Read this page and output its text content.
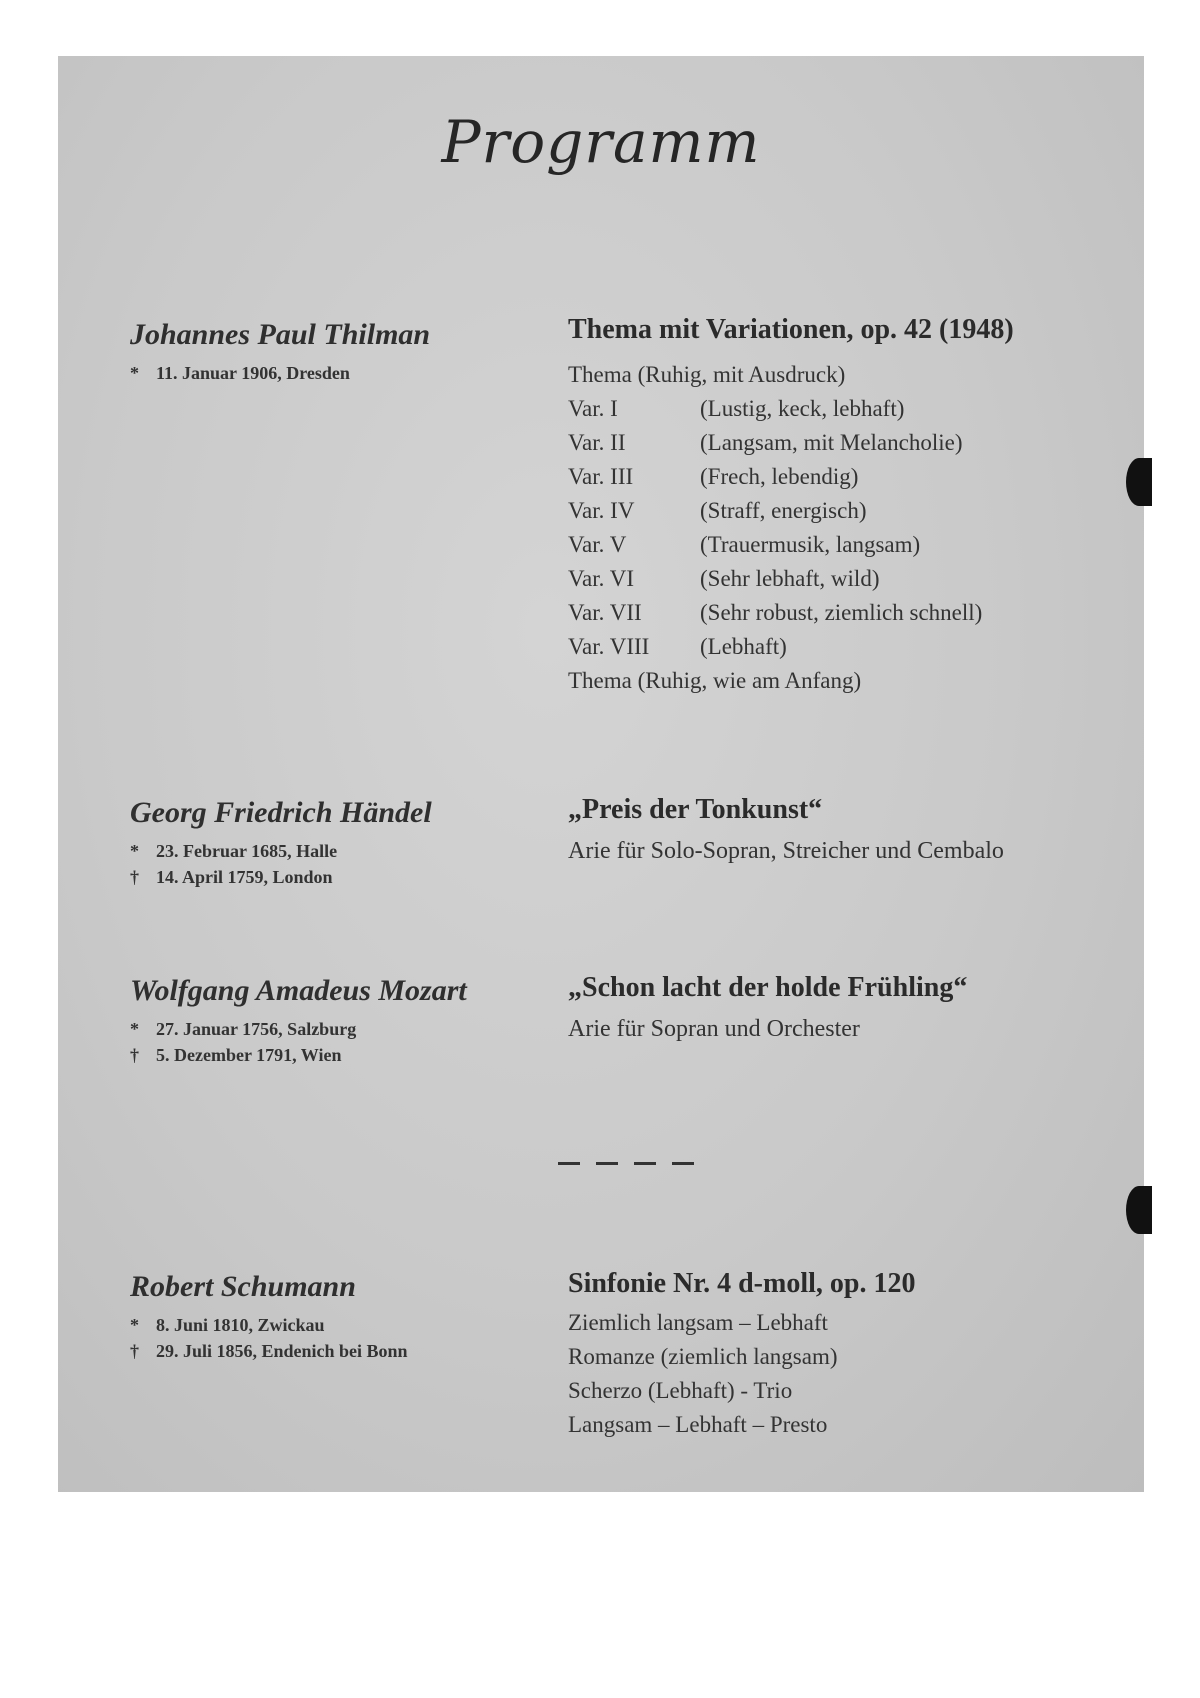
Programm
Johannes Paul Thilman
* 11. Januar 1906, Dresden
Thema mit Variationen, op. 42 (1948)
Thema (Ruhig, mit Ausdruck)
Var. I	(Lustig, keck, lebhaft)
Var. II	(Langsam, mit Melancholie)
Var. III	(Frech, lebendig)
Var. IV	(Straff, energisch)
Var. V	(Trauermusik, langsam)
Var. VI	(Sehr lebhaft, wild)
Var. VII	(Sehr robust, ziemlich schnell)
Var. VIII	(Lebhaft)
Thema (Ruhig, wie am Anfang)
Georg Friedrich Händel
* 23. Februar 1685, Halle
† 14. April 1759, London
„Preis der Tonkunst“
Arie für Solo-Sopran, Streicher und Cembalo
Wolfgang Amadeus Mozart
* 27. Januar 1756, Salzburg
† 5. Dezember 1791, Wien
„Schon lacht der holde Frühling“
Arie für Sopran und Orchester
Robert Schumann
* 8. Juni 1810, Zwickau
† 29. Juli 1856, Endenich bei Bonn
Sinfonie Nr. 4 d-moll, op. 120
Ziemlich langsam – Lebhaft
Romanze (ziemlich langsam)
Scherzo (Lebhaft) - Trio
Langsam – Lebhaft – Presto
